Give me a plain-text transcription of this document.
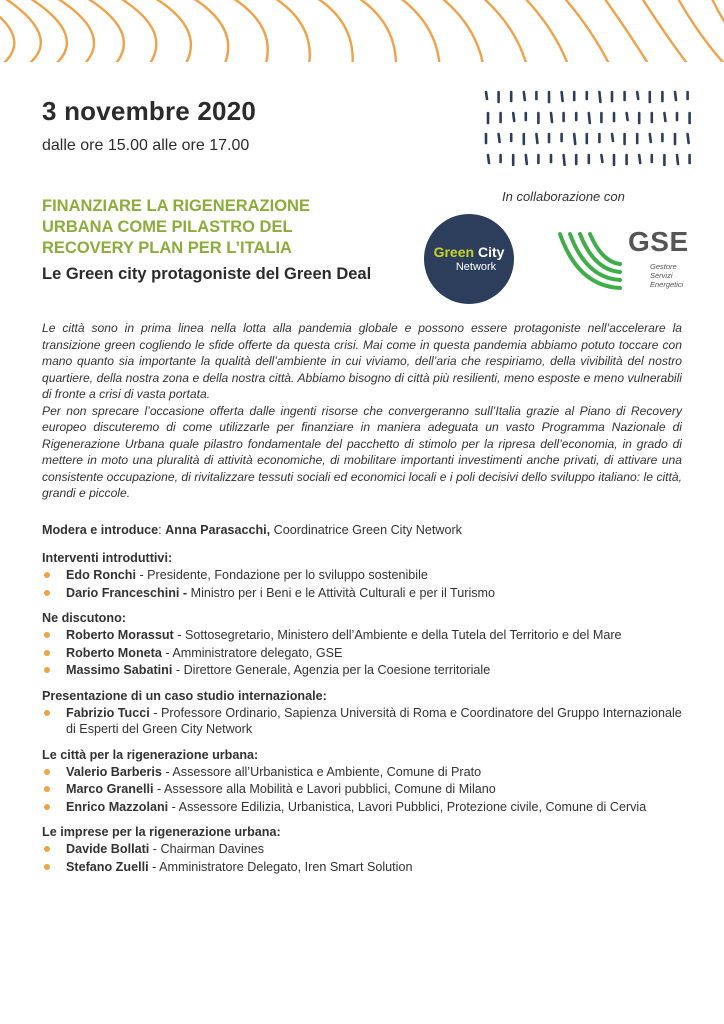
3 novembre 2020
dalle ore 15.00 alle ore 17.00
In collaborazione con
Green City
Network
GSE
Gestore
Servizi
Energetici
FINANZIARE LA RIGENERAZIONE URBANA COME PILASTRO DEL RECOVERY PLAN PER L’ITALIA
Le Green city protagoniste del Green Deal

Le città sono in prima linea nella lotta alla pandemia globale e possono essere protagoniste nell’accelerare la transizione green cogliendo le sfide offerte da questa crisi. Mai come in questa pandemia abbiamo potuto toccare con mano quanto sia importante la qualità dell’ambiente in cui viviamo, dell’aria che respiriamo, della vivibilità del nostro quartiere, della nostra zona e della nostra città. Abbiamo bisogno di città più resilienti, meno esposte e meno vulnerabili di fronte a crisi di vasta portata.

Per non sprecare l’occasione offerta dalle ingenti risorse che convergeranno sull’Italia grazie al Piano di Recovery europeo discuteremo di come utilizzarle per finanziare in maniera adeguata un vasto Programma Nazionale di Rigenerazione Urbana quale pilastro fondamentale del pacchetto di stimolo per la ripresa dell’economia, in grado di mettere in moto una pluralità di attività economiche, di mobilitare importanti investimenti anche privati, di attivare una consistente occupazione, di rivitalizzare tessuti sociali ed economici locali e i poli decisivi dello sviluppo italiano: le città, grandi e piccole.

Modera e introduce: Anna Parasacchi, Coordinatrice Green City Network
Interventi introduttivi:
Edo Ronchi - Presidente, Fondazione per lo sviluppo sostenibile
Dario Franceschini - Ministro per i Beni e le Attività Culturali e per il Turismo
Ne discutono:
Roberto Morassut - Sottosegretario, Ministero dell’Ambiente e della Tutela del Territorio e del Mare
Roberto Moneta - Amministratore delegato, GSE
Massimo Sabatini - Direttore Generale, Agenzia per la Coesione territoriale
Presentazione di un caso studio internazionale:
Fabrizio Tucci - Professore Ordinario, Sapienza Università di Roma e Coordinatore del Gruppo Internazionale di Esperti del Green City Network
Le città per la rigenerazione urbana:
Valerio Barberis - Assessore all’Urbanistica e Ambiente, Comune di Prato
Marco Granelli - Assessore alla Mobilità e Lavori pubblici, Comune di Milano
Enrico Mazzolani - Assessore Edilizia, Urbanistica, Lavori Pubblici, Protezione civile, Comune di Cervia
Le imprese per la rigenerazione urbana:
Davide Bollati - Chairman Davines
Stefano Zuelli - Amministratore Delegato, Iren Smart Solution
